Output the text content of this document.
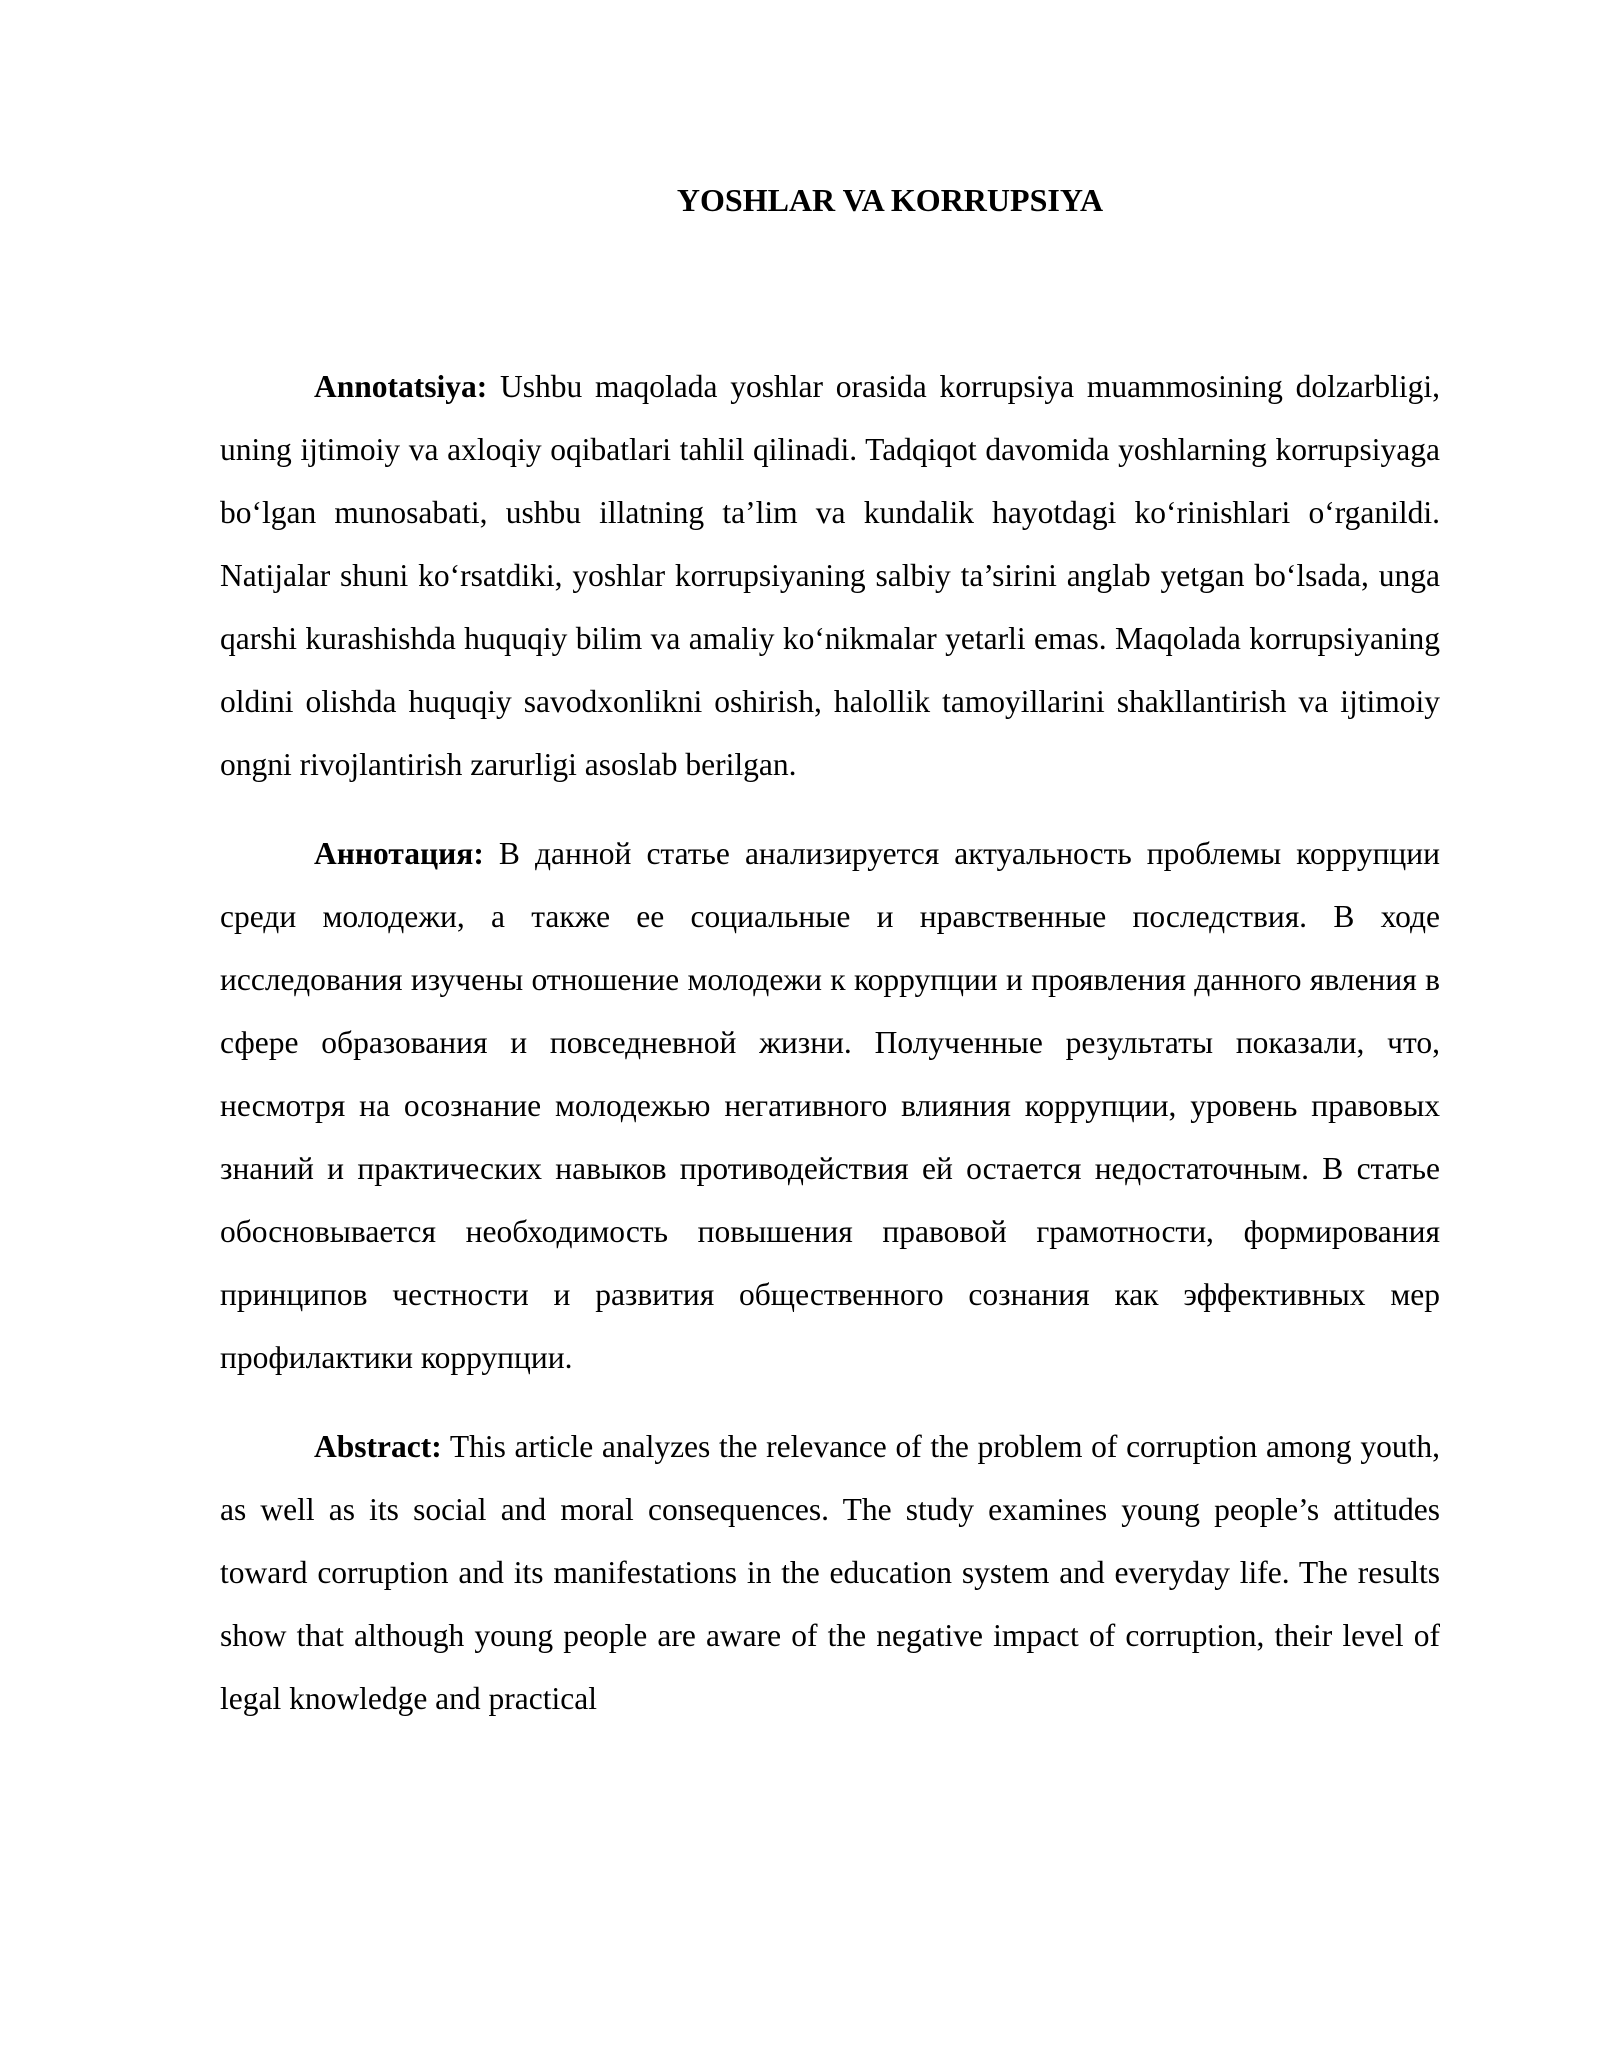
YOSHLAR VA KORRUPSIYA

Annotatsiya: Ushbu maqolada yoshlar orasida korrupsiya muammosining dolzarbligi, uning ijtimoiy va axloqiy oqibatlari tahlil qilinadi. Tadqiqot davomida yoshlarning korrupsiyaga bo‘lgan munosabati, ushbu illatning ta’lim va kundalik hayotdagi ko‘rinishlari o‘rganildi. Natijalar shuni ko‘rsatdiki, yoshlar korrupsiyaning salbiy ta’sirini anglab yetgan bo‘lsada, unga qarshi kurashishda huquqiy bilim va amaliy ko‘nikmalar yetarli emas. Maqolada korrupsiyaning oldini olishda huquqiy savodxonlikni oshirish, halollik tamoyillarini shakllantirish va ijtimoiy ongni rivojlantirish zarurligi asoslab berilgan.

Аннотация: В данной статье анализируется актуальность проблемы коррупции среди молодежи, а также ее социальные и нравственные последствия. В ходе исследования изучены отношение молодежи к коррупции и проявления данного явления в сфере образования и повседневной жизни. Полученные результаты показали, что, несмотря на осознание молодежью негативного влияния коррупции, уровень правовых знаний и практических навыков противодействия ей остается недостаточным. В статье обосновывается необходимость повышения правовой грамотности, формирования принципов честности и развития общественного сознания как эффективных мер профилактики коррупции.

Abstract: This article analyzes the relevance of the problem of corruption among youth, as well as its social and moral consequences. The study examines young people’s attitudes toward corruption and its manifestations in the education system and everyday life. The results show that although young people are aware of the negative impact of corruption, their level of legal knowledge and practical
